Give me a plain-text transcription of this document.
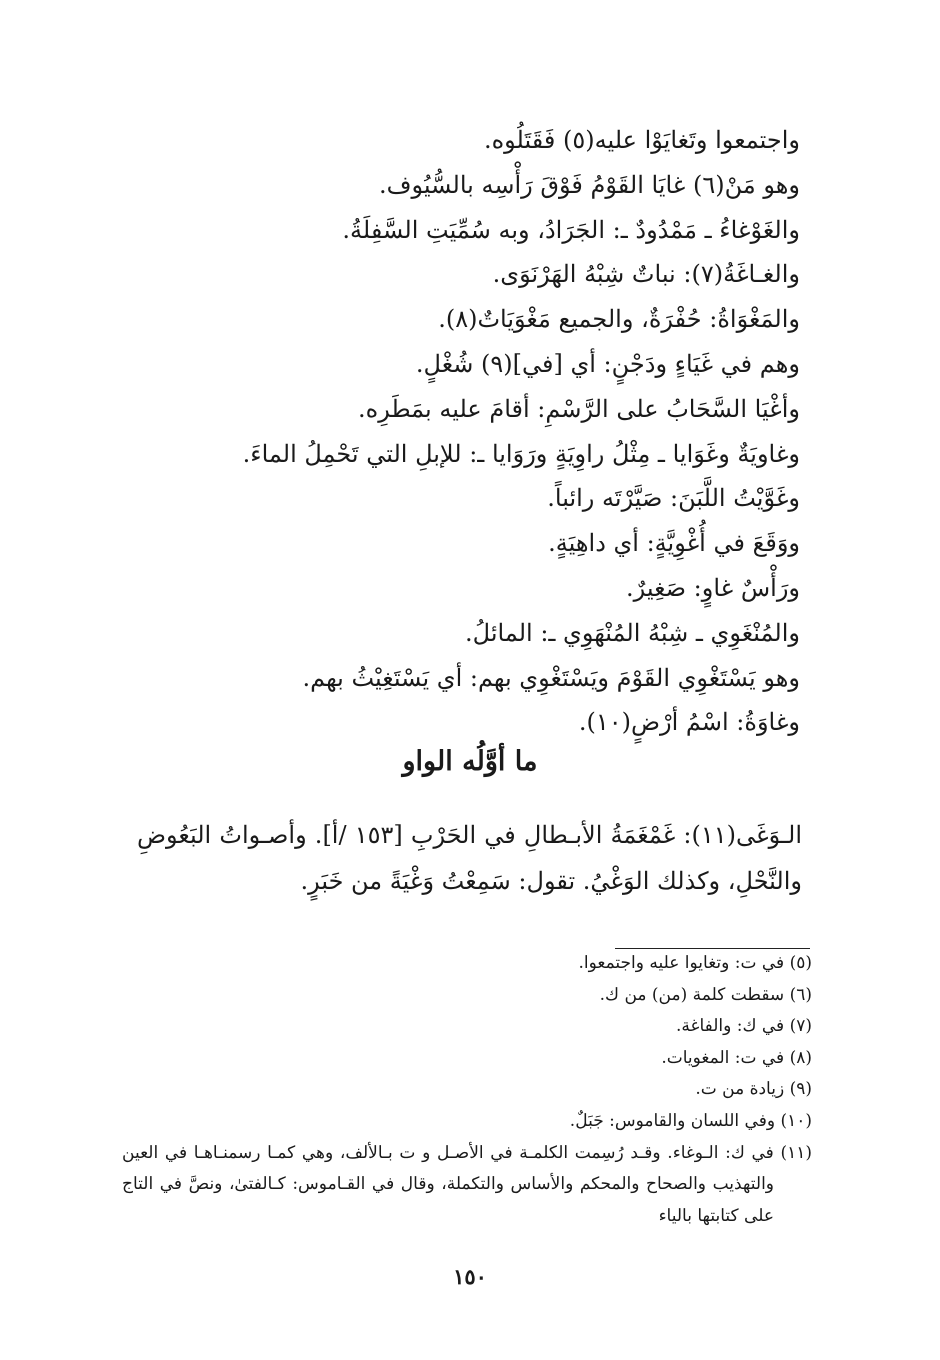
واجتمعوا وتَغايَوْا عليه(٥) فَقَتَلُوه.
وهو مَنْ(٦) غايَا القَوْمُ فَوْقَ رَأْسِه بالسُّيُوف.
والغَوْغاءُ ـ مَمْدُودٌ ـ: الجَرَادُ، وبه سُمِّيَتِ السَّفِلَةُ.
والغـاغَةُ(٧): نباتٌ شِبْهُ الهَرْنَوَى.
والمَغْوَاةُ: حُفْرَةٌ، والجميع مَغْوَيَاتٌ(٨).
وهم في غَيَاءٍ ودَجْنٍ: أي [في](٩) شُغْلٍ.
وأغْيَا السَّحَابُ على الرَّسْمِ: أقامَ عليه بمَطَرِه.
وغاويَةٌ وغَوَايا ـ مِثْلُ راوِيَةٍ ورَوَايا ـ: للإبلِ التي تَحْمِلُ الماءَ.
وغَوَّيْتُ اللَّبَنَ: صَيَّرْتَه رائباً.
ووَقَعَ في أُغْوِيَّةٍ: أي داهِيَةٍ.
ورَأْسٌ غاوٍ: صَغِيرٌ.
والمُنْغَوِي ـ شِبْهُ المُنْهَوِي ـ: المائلُ.
وهو يَسْتَغْوِي القَوْمَ ويَسْتَغْوِي بهم: أي يَسْتَغِيْثُ بهم.
وغاوَةُ: اسْمُ أرْضٍ(١٠).
ما أوَّلُه الواو

الـوَغَى(١١): غَمْغَمَةُ الأبـطالِ في الحَرْبِ [١٥٣ /أ]. وأصـواتُ البَعُوضِ والنَّحْلِ، وكذلك الوَغْيُ. تقول: سَمِعْتُ وَغْيَةً من خَبَرٍ.

(٥) في ت: وتغايوا عليه واجتمعوا.
(٦) سقطت كلمة (من) من ك.
(٧) في ك: والفاغة.
(٨) في ت: المغويات.
(٩) زيادة من ت.
(١٠) وفي اللسان والقاموس: جَبَلٌ.
(١١) في ك: الـوغاء. وقـد رُسِمت الكلمـة في الأصـل و ت بـالألف، وهي كمـا رسمنـاهـا في العين والتهذيب والصحاح والمحكم والأساس والتكملة، وقال في القـاموس: كـالفتىٰ، ونصَّ في التاج على كتابتها بالياء
١٥٠
